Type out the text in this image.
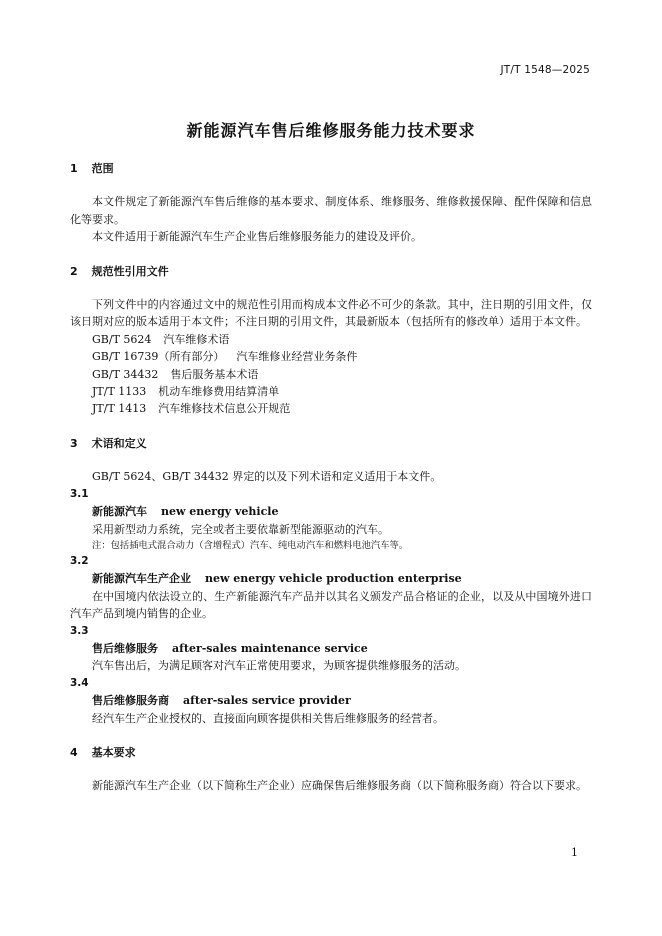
JT/T 1548—2025
新能源汽车售后维修服务能力技术要求
1 范围

本文件规定了新能源汽车售后维修的基本要求、制度体系、维修服务、维修救援保障、配件保障和信息化等要求。

本文件适用于新能源汽车生产企业售后维修服务能力的建设及评价。

2 规范性引用文件

下列文件中的内容通过文中的规范性引用而构成本文件必不可少的条款。其中，注日期的引用文件，仅该日期对应的版本适用于本文件；不注日期的引用文件，其最新版本（包括所有的修改单）适用于本文件。

GB/T 5624 汽车维修术语
GB/T 16739（所有部分） 汽车维修业经营业务条件
GB/T 34432 售后服务基本术语
JT/T 1133 机动车维修费用结算清单
JT/T 1413 汽车维修技术信息公开规范
3 术语和定义

GB/T 5624、GB/T 34432 界定的以及下列术语和定义适用于本文件。

3.1
新能源汽车 new energy vehicle
采用新型动力系统，完全或者主要依靠新型能源驱动的汽车。
注：包括插电式混合动力（含增程式）汽车、纯电动汽车和燃料电池汽车等。
3.2
新能源汽车生产企业 new energy vehicle production enterprise

在中国境内依法设立的、生产新能源汽车产品并以其名义颁发产品合格证的企业，以及从中国境外进口汽车产品到境内销售的企业。

3.3
售后维修服务 after-sales maintenance service
汽车售出后，为满足顾客对汽车正常使用要求，为顾客提供维修服务的活动。
3.4
售后维修服务商 after-sales service provider
经汽车生产企业授权的、直接面向顾客提供相关售后维修服务的经营者。
4 基本要求

新能源汽车生产企业（以下简称生产企业）应确保售后维修服务商（以下简称服务商）符合以下要求。

1
